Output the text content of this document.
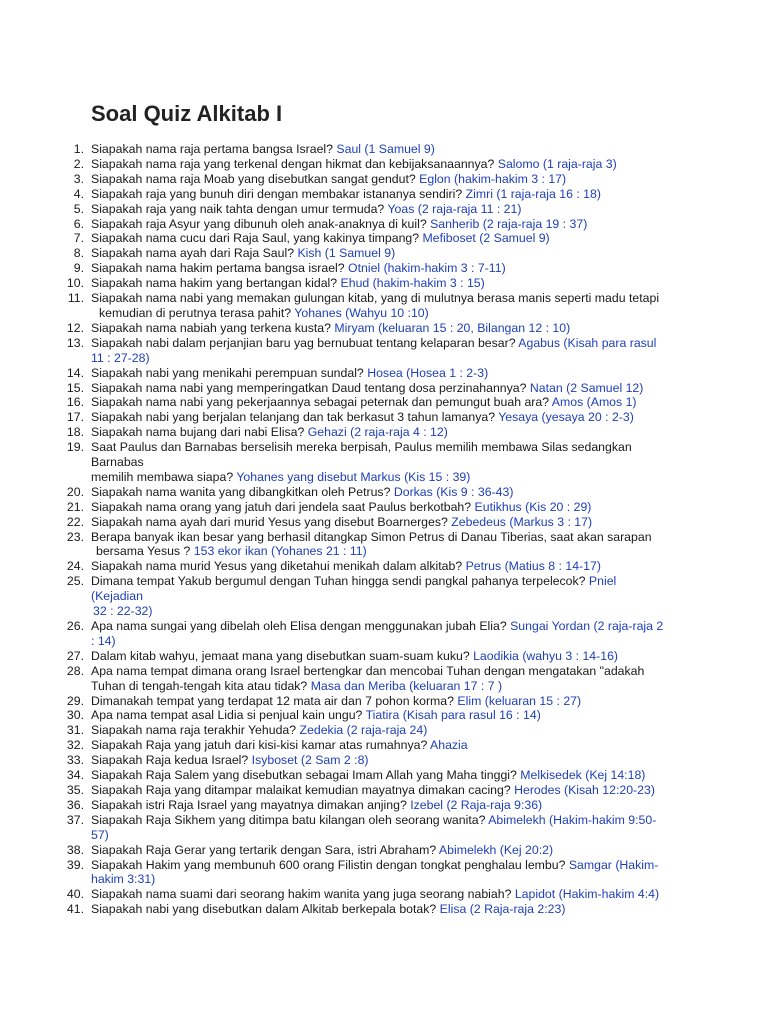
Soal Quiz Alkitab I
1. Siapakah nama raja pertama bangsa Israel? Saul (1 Samuel 9)
2. Siapakah nama raja yang terkenal dengan hikmat dan kebijaksanaannya? Salomo (1 raja-raja 3)
3. Siapakah nama raja Moab yang disebutkan sangat gendut? Eglon (hakim-hakim 3 : 17)
4. Siapakah raja yang bunuh diri dengan membakar istananya sendiri? Zimri (1 raja-raja 16 : 18)
5. Siapakah raja yang naik tahta dengan umur termuda? Yoas (2 raja-raja 11 : 21)
6. Siapakah raja Asyur yang dibunuh oleh anak-anaknya di kuil? Sanherib (2 raja-raja 19 : 37)
7. Siapakah nama cucu dari Raja Saul, yang kakinya timpang? Mefiboset (2 Samuel 9)
8. Siapakah nama ayah dari Raja Saul? Kish (1 Samuel 9)
9. Siapakah nama hakim pertama bangsa israel? Otniel (hakim-hakim 3 : 7-11)
10. Siapakah nama hakim yang bertangan kidal? Ehud (hakim-hakim 3 : 15)
11. Siapakah nama nabi yang memakan gulungan kitab, yang di mulutnya berasa manis seperti madu tetapi
kemudian di perutnya terasa pahit? Yohanes (Wahyu 10 :10)
12. Siapakah nama nabiah yang terkena kusta? Miryam (keluaran 15 : 20, Bilangan 12 : 10)
13. Siapakah nabi dalam perjanjian baru yag bernubuat tentang kelaparan besar? Agabus (Kisah para rasul
11 : 27-28)
14. Siapakah nabi yang menikahi perempuan sundal? Hosea (Hosea 1 : 2-3)
15. Siapakah nama nabi yang memperingatkan Daud tentang dosa perzinahannya? Natan (2 Samuel 12)
16. Siapakah nama nabi yang pekerjaannya sebagai peternak dan pemungut buah ara? Amos (Amos 1)
17. Siapakah nabi yang berjalan telanjang dan tak berkasut 3 tahun lamanya? Yesaya (yesaya 20 : 2-3)
18. Siapakah nama bujang dari nabi Elisa? Gehazi (2 raja-raja 4 : 12)
19. Saat Paulus dan Barnabas berselisih mereka berpisah, Paulus memilih membawa Silas sedangkan
Barnabas
memilih membawa siapa? Yohanes yang disebut Markus (Kis 15 : 39)
20. Siapakah nama wanita yang dibangkitkan oleh Petrus? Dorkas (Kis 9 : 36-43)
21. Siapakah nama orang yang jatuh dari jendela saat Paulus berkotbah? Eutikhus (Kis 20 : 29)
22. Siapakah nama ayah dari murid Yesus yang disebut Boarnerges? Zebedeus (Markus 3 : 17)
23. Berapa banyak ikan besar yang berhasil ditangkap Simon Petrus di Danau Tiberias, saat akan sarapan
bersama Yesus ? 153 ekor ikan (Yohanes 21 : 11)
24. Siapakah nama murid Yesus yang diketahui menikah dalam alkitab? Petrus (Matius 8 : 14-17)
25. Dimana tempat Yakub bergumul dengan Tuhan hingga sendi pangkal pahanya terpelecok? Pniel
(Kejadian
32 : 22-32)
26. Apa nama sungai yang dibelah oleh Elisa dengan menggunakan jubah Elia? Sungai Yordan (2 raja-raja 2
: 14)
27. Dalam kitab wahyu, jemaat mana yang disebutkan suam-suam kuku? Laodikia (wahyu 3 : 14-16)
28. Apa nama tempat dimana orang Israel bertengkar dan mencobai Tuhan dengan mengatakan "adakah
Tuhan di tengah-tengah kita atau tidak? Masa dan Meriba (keluaran 17 : 7 )
29. Dimanakah tempat yang terdapat 12 mata air dan 7 pohon korma? Elim (keluaran 15 : 27)
30. Apa nama tempat asal Lidia si penjual kain ungu? Tiatira (Kisah para rasul 16 : 14)
31. Siapakah nama raja terakhir Yehuda? Zedekia (2 raja-raja 24)
32. Siapakah Raja yang jatuh dari kisi-kisi kamar atas rumahnya? Ahazia
33. Siapakah Raja kedua Israel? Isyboset (2 Sam 2 :8)
34. Siapakah Raja Salem yang disebutkan sebagai Imam Allah yang Maha tinggi? Melkisedek (Kej 14:18)
35. Siapakah Raja yang ditampar malaikat kemudian mayatnya dimakan cacing? Herodes (Kisah 12:20-23)
36. Siapakah istri Raja Israel yang mayatnya dimakan anjing? Izebel (2 Raja-raja 9:36)
37. Siapakah Raja Sikhem yang ditimpa batu kilangan oleh seorang wanita? Abimelekh (Hakim-hakim 9:50-
57)
38. Siapakah Raja Gerar yang tertarik dengan Sara, istri Abraham? Abimelekh (Kej 20:2)
39. Siapakah Hakim yang membunuh 600 orang Filistin dengan tongkat penghalau lembu? Samgar (Hakim-
hakim 3:31)
40. Siapakah nama suami dari seorang hakim wanita yang juga seorang nabiah? Lapidot (Hakim-hakim 4:4)
41. Siapakah nabi yang disebutkan dalam Alkitab berkepala botak? Elisa (2 Raja-raja 2:23)
